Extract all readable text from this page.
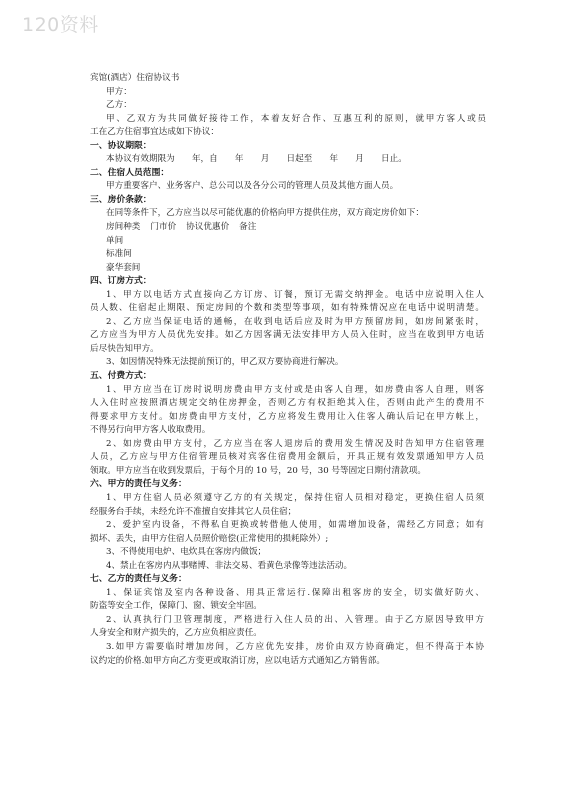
120资料
宾馆(酒店）住宿协议书
甲方：
乙方：
甲、乙双方为共同做好接待工作，本着友好合作、互惠互利的原则，就甲方客人或员
工在乙方住宿事宜达成如下协议：
一、协议期限：
本协议有效期限为　　年，自　　年　　月　　日起至　　年　　月　　日止。
二、住宿人员范围：
甲方重要客户、业务客户、总公司以及各分公司的管理人员及其他方面人员。
三、房价条款：
在同等条件下，乙方应当以尽可能优惠的价格向甲方提供住房，双方商定房价如下：
房间种类 门市价 协议优惠价 备注
单间
标准间
豪华套间
四、订房方式：
1、甲方以电话方式直接向乙方订房、订餐，预订无需交纳押金。电话中应说明入住人
员人数、住宿起止期限、预定房间的个数和类型等事项，如有特殊情况应在电话中说明清楚。
2、乙方应当保证电话的通畅，在收到电话后应及时为甲方预留房间，如房间紧张时，
乙方应当为甲方人员优先安排。如乙方因客满无法安排甲方人员入住时，应当在收到甲方电话
后尽快告知甲方。
3、如因情况特殊无法提前预订的，甲乙双方要协商进行解决。
五、付费方式：
1、甲方应当在订房时说明房费由甲方支付或是由客人自理，如房费由客人自理，则客
人入住时应按照酒店规定交纳住房押金，否则乙方有权拒绝其入住，否则由此产生的费用不
得要求甲方支付。如房费由甲方支付，乙方应将发生费用让入住客人确认后记在甲方帐上，
不得另行向甲方客人收取费用。
2、如房费由甲方支付，乙方应当在客人退房后的费用发生情况及时告知甲方住宿管理
人员，乙方应与甲方住宿管理员核对宾客住宿费用金额后，开具正规有效发票通知甲方人员
领取。甲方应当在收到发票后，于每个月的 10 号，20 号，30 号等固定日期付清款项。
六、甲方的责任与义务：
1、甲方住宿人员必须遵守乙方的有关规定，保持住宿人员相对稳定，更换住宿人员须
经服务台手续，未经允许不准擅自安排其它人员住宿；
2、爱护室内设备，不得私自更换或转借他人使用，如需增加设备，需经乙方同意；如有
损坏、丢失，由甲方住宿人员照价赔偿(正常使用的损耗除外）;
3、不得使用电炉、电炊具在客房内做饭；
4、禁止在客房内从事赌博、非法交易、看黄色录像等违法活动。
七、乙方的责任与义务：
1、保证宾馆及室内各种设备、用具正常运行.保障出租客房的安全，切实做好防火、
防盗等安全工作，保障门、窗、锁安全牢固。
2、认真执行门卫管理制度，严格进行入住人员的出、入管理。由于乙方原因导致甲方
人身安全和财产损失的，乙方应负相应责任。
3.如甲方需要临时增加房间，乙方应优先安排，房价由双方协商确定，但不得高于本协
议约定的价格.如甲方向乙方变更或取消订房，应以电话方式通知乙方销售部。
